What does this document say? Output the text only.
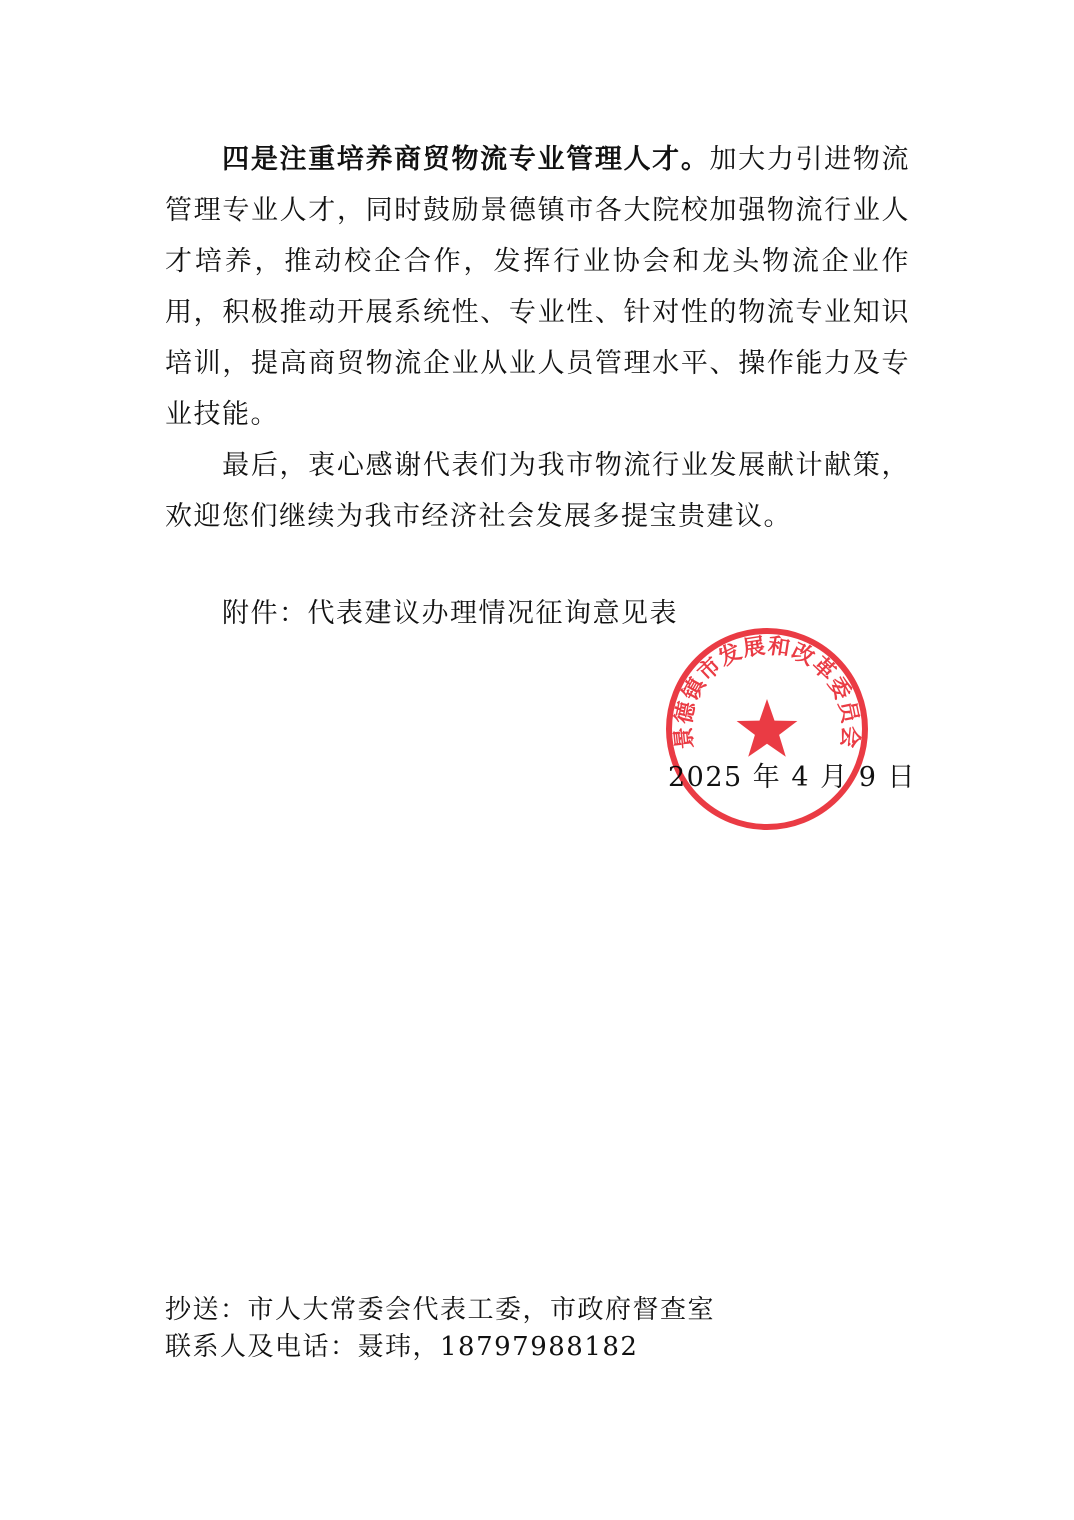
四是注重培养商贸物流专业管理人才。加大力引进物流管理专业人才，同时鼓励景德镇市各大院校加强物流行业人才培养，推动校企合作，发挥行业协会和龙头物流企业作用，积极推动开展系统性、专业性、针对性的物流专业知识培训，提高商贸物流企业从业人员管理水平、操作能力及专业技能。
最后，衷心感谢代表们为我市物流行业发展献计献策，欢迎您们继续为我市经济社会发展多提宝贵建议。
附件：代表建议办理情况征询意见表
2025 年 4 月 9 日
景德镇市发展和改革委员会
抄送：市人大常委会代表工委，市政府督查室
联系人及电话：聂玮，18797988182
